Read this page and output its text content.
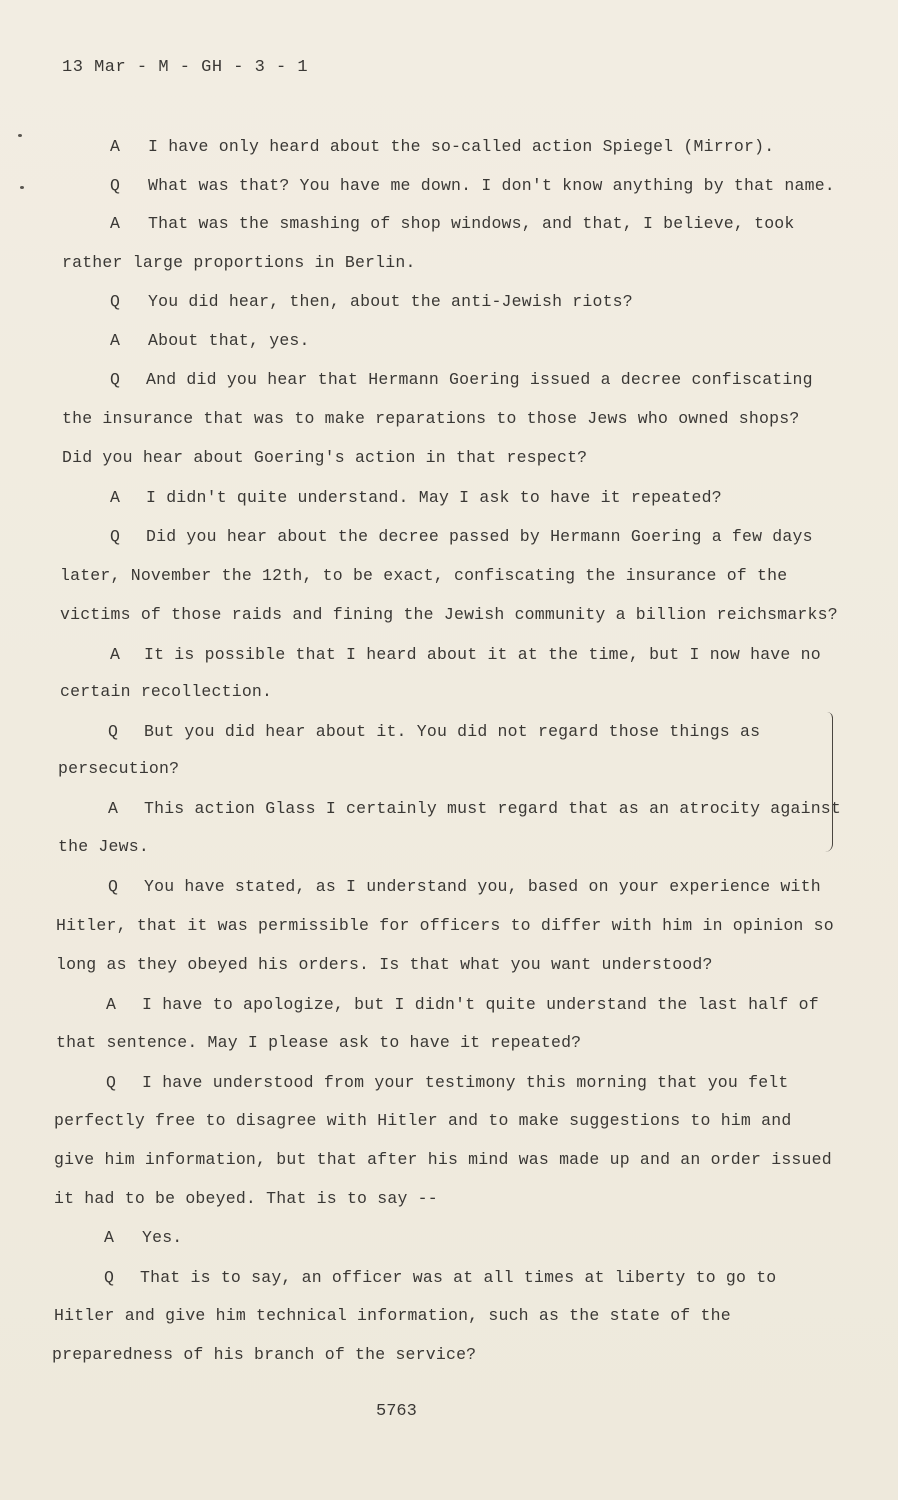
13 Mar - M - GH - 3 - 1
A I have only heard about the so-called action Spiegel (Mirror).
Q What was that? You have me down. I don't know anything by that name.
A That was the smashing of shop windows, and that, I believe, took
rather large proportions in Berlin.
Q You did hear, then, about the anti-Jewish riots?
A About that, yes.
Q And did you hear that Hermann Goering issued a decree confiscating
the insurance that was to make reparations to those Jews who owned shops?
Did you hear about Goering's action in that respect?
A I didn't quite understand. May I ask to have it repeated?
Q Did you hear about the decree passed by Hermann Goering a few days
later, November the 12th, to be exact, confiscating the insurance of the
victims of those raids and fining the Jewish community a billion reichsmarks?
A It is possible that I heard about it at the time, but I now have no
certain recollection.
Q But you did hear about it. You did not regard those things as
persecution?
A This action Glass I certainly must regard that as an atrocity against
the Jews.
Q You have stated, as I understand you, based on your experience with
Hitler, that it was permissible for officers to differ with him in opinion so
long as they obeyed his orders. Is that what you want understood?
A I have to apologize, but I didn't quite understand the last half of
that sentence. May I please ask to have it repeated?
Q I have understood from your testimony this morning that you felt
perfectly free to disagree with Hitler and to make suggestions to him and
give him information, but that after his mind was made up and an order issued
it had to be obeyed. That is to say --
A Yes.
Q That is to say, an officer was at all times at liberty to go to
Hitler and give him technical information, such as the state of the
preparedness of his branch of the service?
5763
